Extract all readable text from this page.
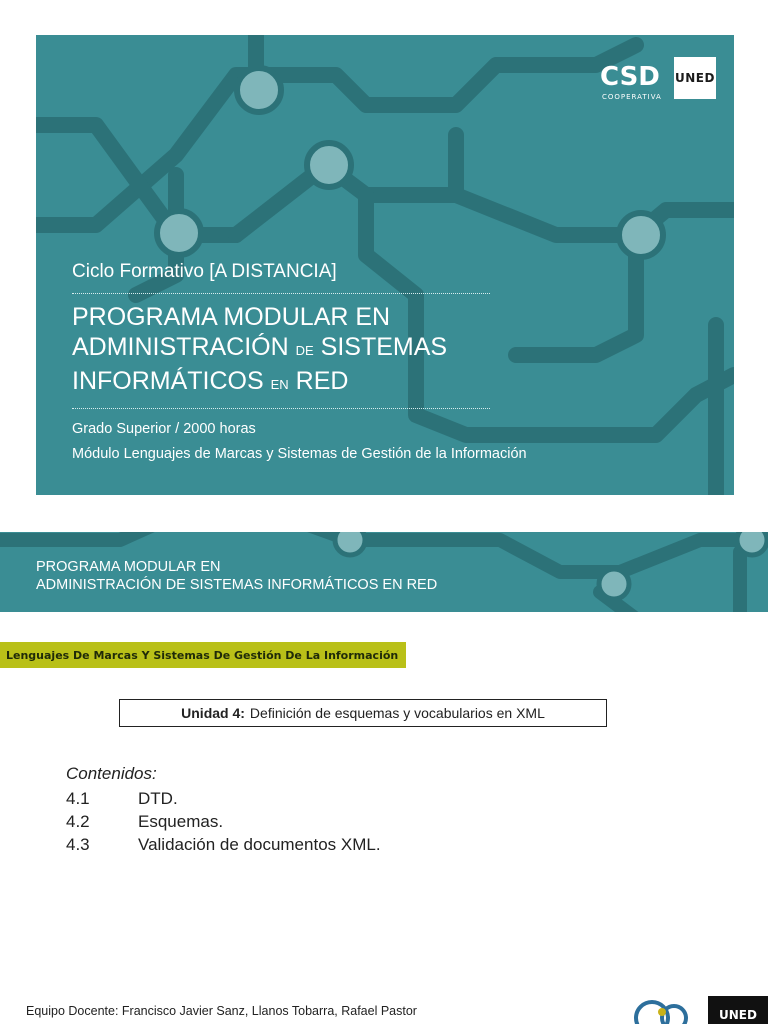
CSD
COOPERATIVA
UNED

Ciclo Formativo [A DISTANCIA]

PROGRAMA MODULAR EN
ADMINISTRACIÓN DE SISTEMAS
INFORMÁTICOS EN RED

Grado Superior / 2000 horas

Módulo Lenguajes de Marcas y Sistemas de Gestión de la Información

PROGRAMA MODULAR EN
ADMINISTRACIÓN DE SISTEMAS INFORMÁTICOS EN RED
Lenguajes De Marcas Y Sistemas De Gestión De La Información
Unidad 4: Definición de esquemas y vocabularios en XML

Contenidos:

4.1	DTD.
4.2	Esquemas.
4.3	Validación de documentos XML.
Equipo Docente: Francisco Javier Sanz, Llanos Tobarra, Rafael Pastor	UNED
